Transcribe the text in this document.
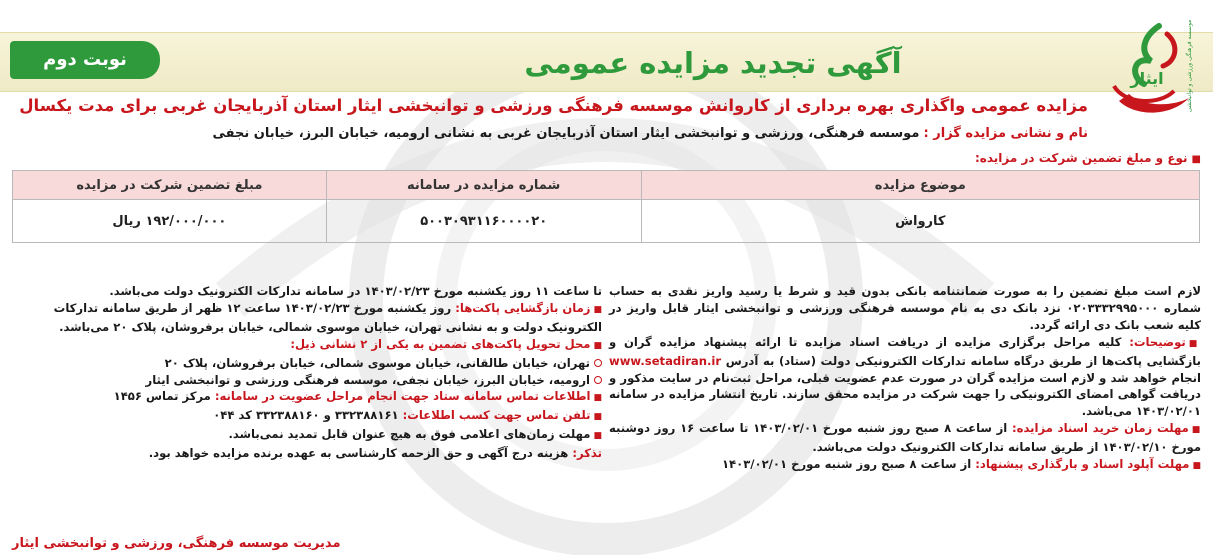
ایثار	موسسه فرهنگی ورزشی و توانبخشی
آگهی تجدید مزایده عمومی
نوبت دوم
مزایده عمومی واگذاری بهره برداری از کاروانش موسسه فرهنگی ورزشی و توانبخشی ایثار استان آذربایجان غربی برای مدت یکسال
نام و نشانی مزایده گزار : موسسه فرهنگی، ورزشی و توانبخشی ایثار استان آذربایجان غربی به نشانی ارومیه، خیابان البرز، خیابان نجفی
■نوع و مبلغ تضمین شرکت در مزایده:
موضوع مزایده	شماره مزایده در سامانه	مبلغ تضمین شرکت در مزایده
کارواش	۵۰۰۳۰۹۳۱۱۶۰۰۰۰۲۰	۱۹۲/۰۰۰/۰۰۰ ریال

لازم است مبلغ تضمین را به صورت ضمانتنامه بانکی بدون قید و شرط یا رسید واریز نقدی به حساب شماره ۰۲۰۳۳۳۲۹۹۵۰۰۰ نزد بانک دی به نام موسسه فرهنگی ورزشی و توانبخشی ایثار قابل واریز در کلیه شعب بانک دی ارائه گردد.

■توضیحات: کلیه مراحل برگزاری مزایده از دریافت اسناد مزایده تا ارائه پیشنهاد مزایده گران و بازگشایی پاکت‌ها از طریق درگاه سامانه تدارکات الکترونیکی دولت (ستاد) به آدرس www.setadiran.ir انجام خواهد شد و لازم است مزایده گران در صورت عدم عضویت قبلی، مراحل ثبت‌نام در سایت مذکور و دریافت گواهی امضای الکترونیکی را جهت شرکت در مزایده محقق سازند. تاریخ انتشار مزایده در سامانه ۱۴۰۳/۰۲/۰۱ می‌باشد.

■مهلت زمان خرید اسناد مزایده: از ساعت ۸ صبح روز شنبه مورخ ۱۴۰۳/۰۲/۰۱ تا ساعت ۱۶ روز دوشنبه مورخ ۱۴۰۳/۰۲/۱۰ از طریق سامانه تدارکات الکترونیک دولت می‌باشد.

■مهلت آپلود اسناد و بارگذاری پیشنهاد: از ساعت ۸ صبح روز شنبه مورخ ۱۴۰۳/۰۲/۰۱

تا ساعت ۱۱ روز یکشنبه مورخ ۱۴۰۳/۰۲/۲۳ در سامانه تدارکات الکترونیک دولت می‌باشد.

■زمان بازگشایی پاکت‌ها: روز یکشنبه مورخ ۱۴۰۳/۰۲/۲۳ ساعت ۱۲ ظهر از طریق سامانه تدارکات الکترونیک دولت و به نشانی تهران، خیابان موسوی شمالی، خیابان برفروشان، پلاک ۲۰ می‌باشد.

■محل تحویل پاکت‌های تضمین به یکی از ۲ نشانی ذیل:

تهران، خیابان طالقانی، خیابان موسوی شمالی، خیابان برفروشان، پلاک ۲۰

ارومیه، خیابان البرز، خیابان نجفی، موسسه فرهنگی ورزشی و توانبخشی ایثار

■اطلاعات تماس سامانه ستاد جهت انجام مراحل عضویت در سامانه: مرکز تماس ۱۴۵۶

■تلفن تماس جهت کسب اطلاعات: ۳۳۲۳۸۸۱۶۱ و ۳۳۲۳۸۸۱۶۰ کد ۰۴۴

■مهلت زمان‌های اعلامی فوق به هیچ عنوان قابل تمدید نمی‌باشد.

تذکر: هزینه درج آگهی و حق الزحمه کارشناسی به عهده برنده مزایده خواهد بود.

مدیریت موسسه فرهنگی، ورزشی و توانبخشی ایثار
